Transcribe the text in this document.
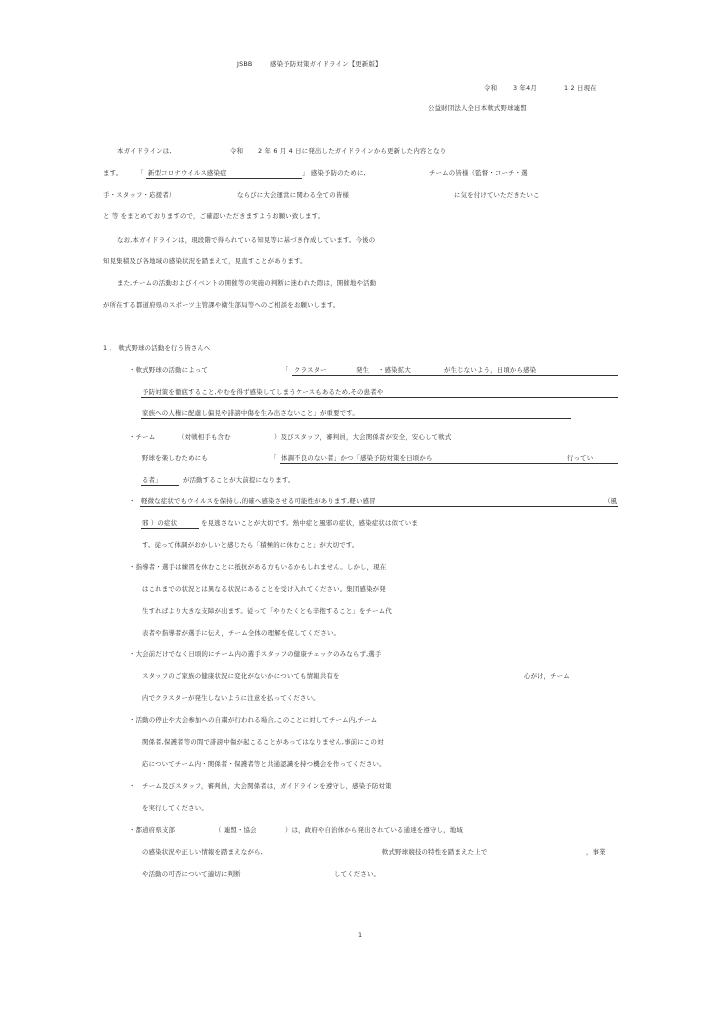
JSBB	感染予防対策ガイドライン【更新版】
令和 3 年4月	1 2 日現在
公益財団法人全日本軟式野球連盟
本ガイドラインは,	令和 2 年 6 月 4 日に発出したガイドラインから更新した内容となり
ます。 「 新型コロナウイルス感染症	」 感染予防のために,	チームの皆様（監督・コーチ・選
手・スタッフ・応援者）	ならびに大会運営に関わる全ての皆様	に気を付けていただきたいこ
と 等 をまとめておりますので，ご確認いただきますようお願い致します。
なお,本ガイドラインは，現段階で得られている知見等に基づき作成しています。今後の
知見集積及び各地域の感染状況を踏まえて，見直すことがあります。
また,チームの活動およびイベントの開催等の実施の判断に迷われた際は，開催地や活動
が所在する都道府県のスポーツ主管課や衛生部局等へのご相談をお願いします。
1 ． 軟式野球の活動を行う皆さんへ
・軟式野球の活動によって	「 クラスター	発生 ・感染拡大	が生じないよう，日頃から感染
予防対策を徹底すること,やむを得ず感染してしまうケースもあるため,その患者や
家族への人権に配慮し偏見や誹謗中傷を生み出さないこと」が重要です。
・チーム	（対戦相手も含む	）及びスタッフ，審判員，大会関係者が安全，安心して軟式
野球を楽しむためにも	「 体調不良のない者」かつ「感染予防対策を日頃から	行ってい
る者」	が活動することが大前提になります。
・ 軽微な症状でもウイルスを保持し,的確へ感染させる可能性があります,軽い感冒	（風
邪 ）の症状	を見逃さないことが大切です。熱中症と風邪の症状，感染症状は似ていま
す。従って体調がおかしいと感じたら「積極的に休むこと」が大切です。
・指導者・選手は練習を休むことに抵抗がある方もいるかもしれません。しかし，現在
はこれまでの状況とは異なる状況にあることを受け入れてください。集団感染が発
生すればより大きな支障が出ます。従って「やりたくとも辛抱すること」をチーム代
表者や指導者が選手に伝え，チーム全体の理解を促してください。
・大会前だけでなく日頃的にチーム内の選手スタッフの健康チェックのみならず,選手
スタッフのご家族の健康状況に変化がないかについても情報共有を	心がけ，チーム
内でクラスターが発生しないように注意を払ってください。
・活動の停止や大会参加への自粛が行われる場合,このことに対してチーム内,チーム
関係者,保護者等の間で誹謗中傷が起こることがあってはなりません,事前にこの対
応についてチーム内・関係者・保護者等と共通認識を持つ機会を作ってください。
・　チーム及びスタッフ，審判員，大会関係者は，ガイドラインを遵守し，感染予防対策
を実行してください。
・都道府県支部	（ 連盟・協会	）は，政府や自治体から発出されている通達を遵守し，地域
の感染状況や正しい情報を踏まえながら,	軟式野球競技の特性を踏まえた上で	，事業
や活動の可否について適切に判断	してください。
1
